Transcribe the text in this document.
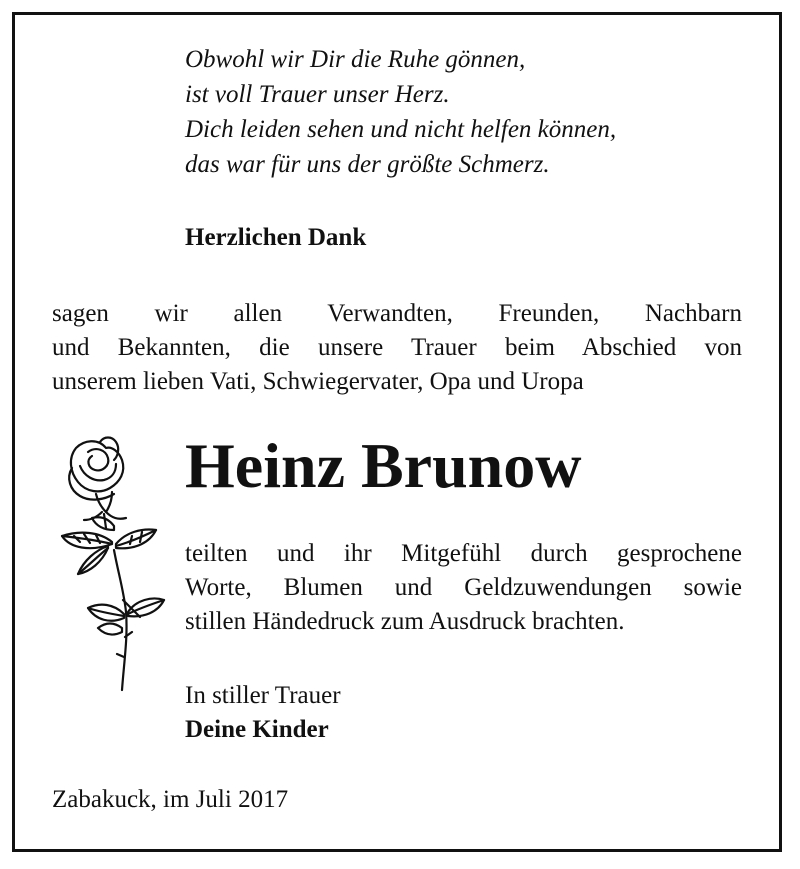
Obwohl wir Dir die Ruhe gönnen,
ist voll Trauer unser Herz.
Dich leiden sehen und nicht helfen können,
das war für uns der größte Schmerz.
Herzlichen Dank
sagen wir allen Verwandten, Freunden, Nachbarn
und Bekannten, die unsere Trauer beim Abschied von
unserem lieben Vati, Schwiegervater, Opa und Uropa
Heinz Brunow
teilten und ihr Mitgefühl durch gesprochene
Worte, Blumen und Geldzuwendungen sowie
stillen Händedruck zum Ausdruck brachten.
In stiller Trauer
Deine Kinder
Zabakuck, im Juli 2017
